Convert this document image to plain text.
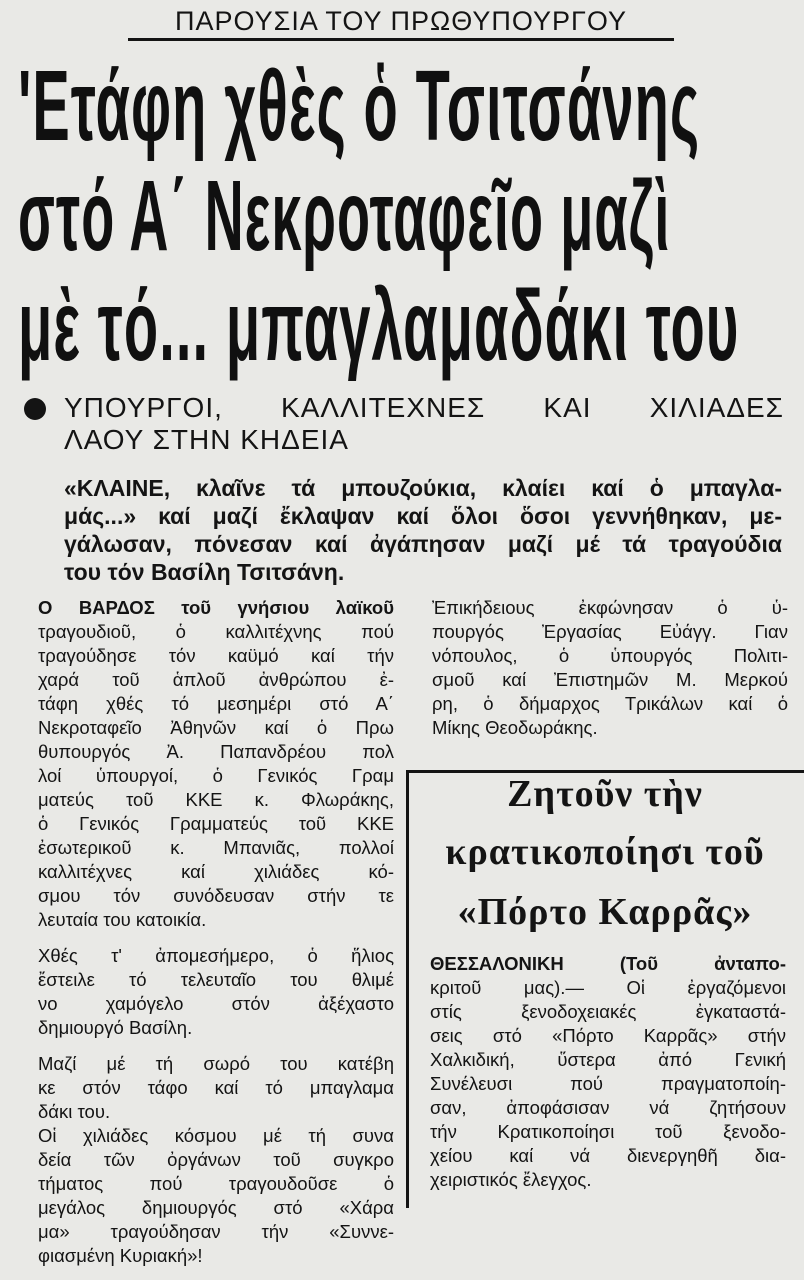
ΠΑΡΟΥΣΙΑ ΤΟΥ ΠΡΩΘΥΠΟΥΡΓΟΥ
'Ετάφη χθὲς ὁ Τσιτσάνης
στό Α΄ Νεκροταφεῖο μαζὶ
μὲ τό... μπαγλαμαδάκι του
ΥΠΟΥΡΓΟΙ, ΚΑΛΛΙΤΕΧΝΕΣ ΚΑΙ ΧΙΛΙΑΔΕΣ
ΛΑΟΥ ΣΤΗΝ ΚΗΔΕΙΑ

«ΚΛΑΙΝΕ, κλαῖνε τά μπουζούκια, κλαίει καί ὁ μπαγλα-

μάς...» καί μαζί ἔκλαψαν καί ὅλοι ὅσοι γεννήθηκαν, με-

γάλωσαν, πόνεσαν καί ἀγάπησαν μαζί μέ τά τραγούδια

του τόν Βασίλη Τσιτσάνη.

Ο ΒΑΡΔΟΣ τοῦ γνήσιου λαϊκοῦ
τραγουδιοῦ, ὁ καλλιτέχνης πού
τραγούδησε τόν καϋμό καί τήν
χαρά τοῦ ἁπλοῦ ἀνθρώπου ἐ-
τάφη χθές τό μεσημέρι στό Α΄
Νεκροταφεῖο Ἀθηνῶν καί ὁ Πρω
θυπουργός Ἀ. Παπανδρέου πολ
λοί ὑπουργοί, ὁ Γενικός Γραμ
ματεύς τοῦ ΚΚΕ κ. Φλωράκης,
ὁ Γενικός Γραμματεύς τοῦ ΚΚΕ
ἐσωτερικοῦ κ. Μπανιᾶς, πολλοί
καλλιτέχνες καί χιλιάδες κό-
σμου τόν συνόδευσαν στήν τε
λευταία του κατοικία.

Χθές τ' ἀπομεσήμερο, ὁ ἥλιος
ἔστειλε τό τελευταῖο του θλιμέ
νο χαμόγελο στόν ἀξέχαστο
δημιουργό Βασίλη.

Μαζί μέ τή σωρό του κατέβη
κε στόν τάφο καί τό μπαγλαμα
δάκι του.

Οἱ χιλιάδες κόσμου μέ τή συνα
δεία τῶν ὀργάνων τοῦ συγκρο
τήματος πού τραγουδοῦσε ὁ
μεγάλος δημιουργός στό «Χάρα
μα» τραγούδησαν τήν «Συννε-
φιασμένη Κυριακή»!

Ἐπικήδειους ἐκφώνησαν ὁ ὑ-
πουργός Ἐργασίας Εὐάγγ. Γιαν
νόπουλος, ὁ ὑπουργός Πολιτι-
σμοῦ καί Ἐπιστημῶν Μ. Μερκού
ρη, ὁ δήμαρχος Τρικάλων καί ὁ
Μίκης Θεοδωράκης.

Ζητοῦν τὴν
κρατικοποίησι τοῦ
«Πόρτο Καρρᾶς»

ΘΕΣΣΑΛΟΝΙΚΗ (Τοῦ ἀνταπο-
κριτοῦ μας).— Οἱ ἐργαζόμενοι
στίς ξενοδοχειακές ἐγκαταστά-
σεις στό «Πόρτο Καρρᾶς» στήν
Χαλκιδική, ὕστερα ἀπό Γενική
Συνέλευσι πού πραγματοποίη-
σαν, ἀποφάσισαν νά ζητήσουν
τήν Κρατικοποίησι τοῦ ξενοδο-
χείου καί νά διενεργηθῆ δια-
χειριστικός ἔλεγχος.
